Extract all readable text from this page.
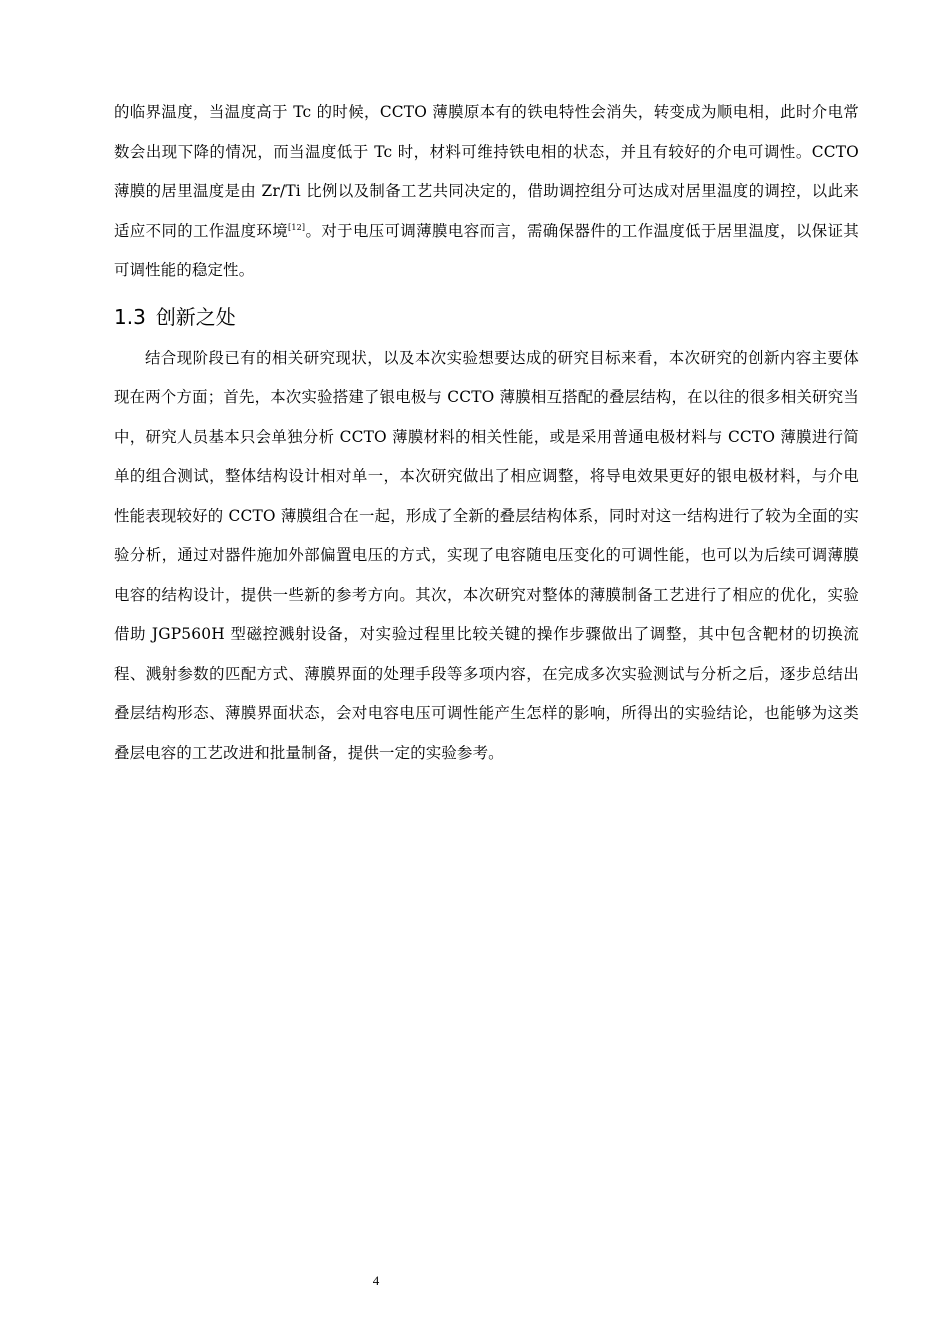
的临界温度，当温度高于 Tc 的时候，CCTO 薄膜原本有的铁电特性会消失，转变成为顺电相，此时介电常数会出现下降的情况，而当温度低于 Tc 时，材料可维持铁电相的状态，并且有较好的介电可调性。CCTO 薄膜的居里温度是由 Zr/Ti 比例以及制备工艺共同决定的，借助调控组分可达成对居里温度的调控，以此来适应不同的工作温度环境[12]。对于电压可调薄膜电容而言，需确保器件的工作温度低于居里温度，以保证其可调性能的稳定性。

1.3 创新之处

结合现阶段已有的相关研究现状，以及本次实验想要达成的研究目标来看，本次研究的创新内容主要体现在两个方面；首先，本次实验搭建了银电极与 CCTO 薄膜相互搭配的叠层结构，在以往的很多相关研究当中，研究人员基本只会单独分析 CCTO 薄膜材料的相关性能，或是采用普通电极材料与 CCTO 薄膜进行简单的组合测试，整体结构设计相对单一，本次研究做出了相应调整，将导电效果更好的银电极材料，与介电性能表现较好的 CCTO 薄膜组合在一起，形成了全新的叠层结构体系，同时对这一结构进行了较为全面的实验分析，通过对器件施加外部偏置电压的方式，实现了电容随电压变化的可调性能，也可以为后续可调薄膜电容的结构设计，提供一些新的参考方向。其次，本次研究对整体的薄膜制备工艺进行了相应的优化，实验借助 JGP560H 型磁控溅射设备，对实验过程里比较关键的操作步骤做出了调整，其中包含靶材的切换流程、溅射参数的匹配方式、薄膜界面的处理手段等多项内容，在完成多次实验测试与分析之后，逐步总结出叠层结构形态、薄膜界面状态，会对电容电压可调性能产生怎样的影响，所得出的实验结论，也能够为这类叠层电容的工艺改进和批量制备，提供一定的实验参考。

4
